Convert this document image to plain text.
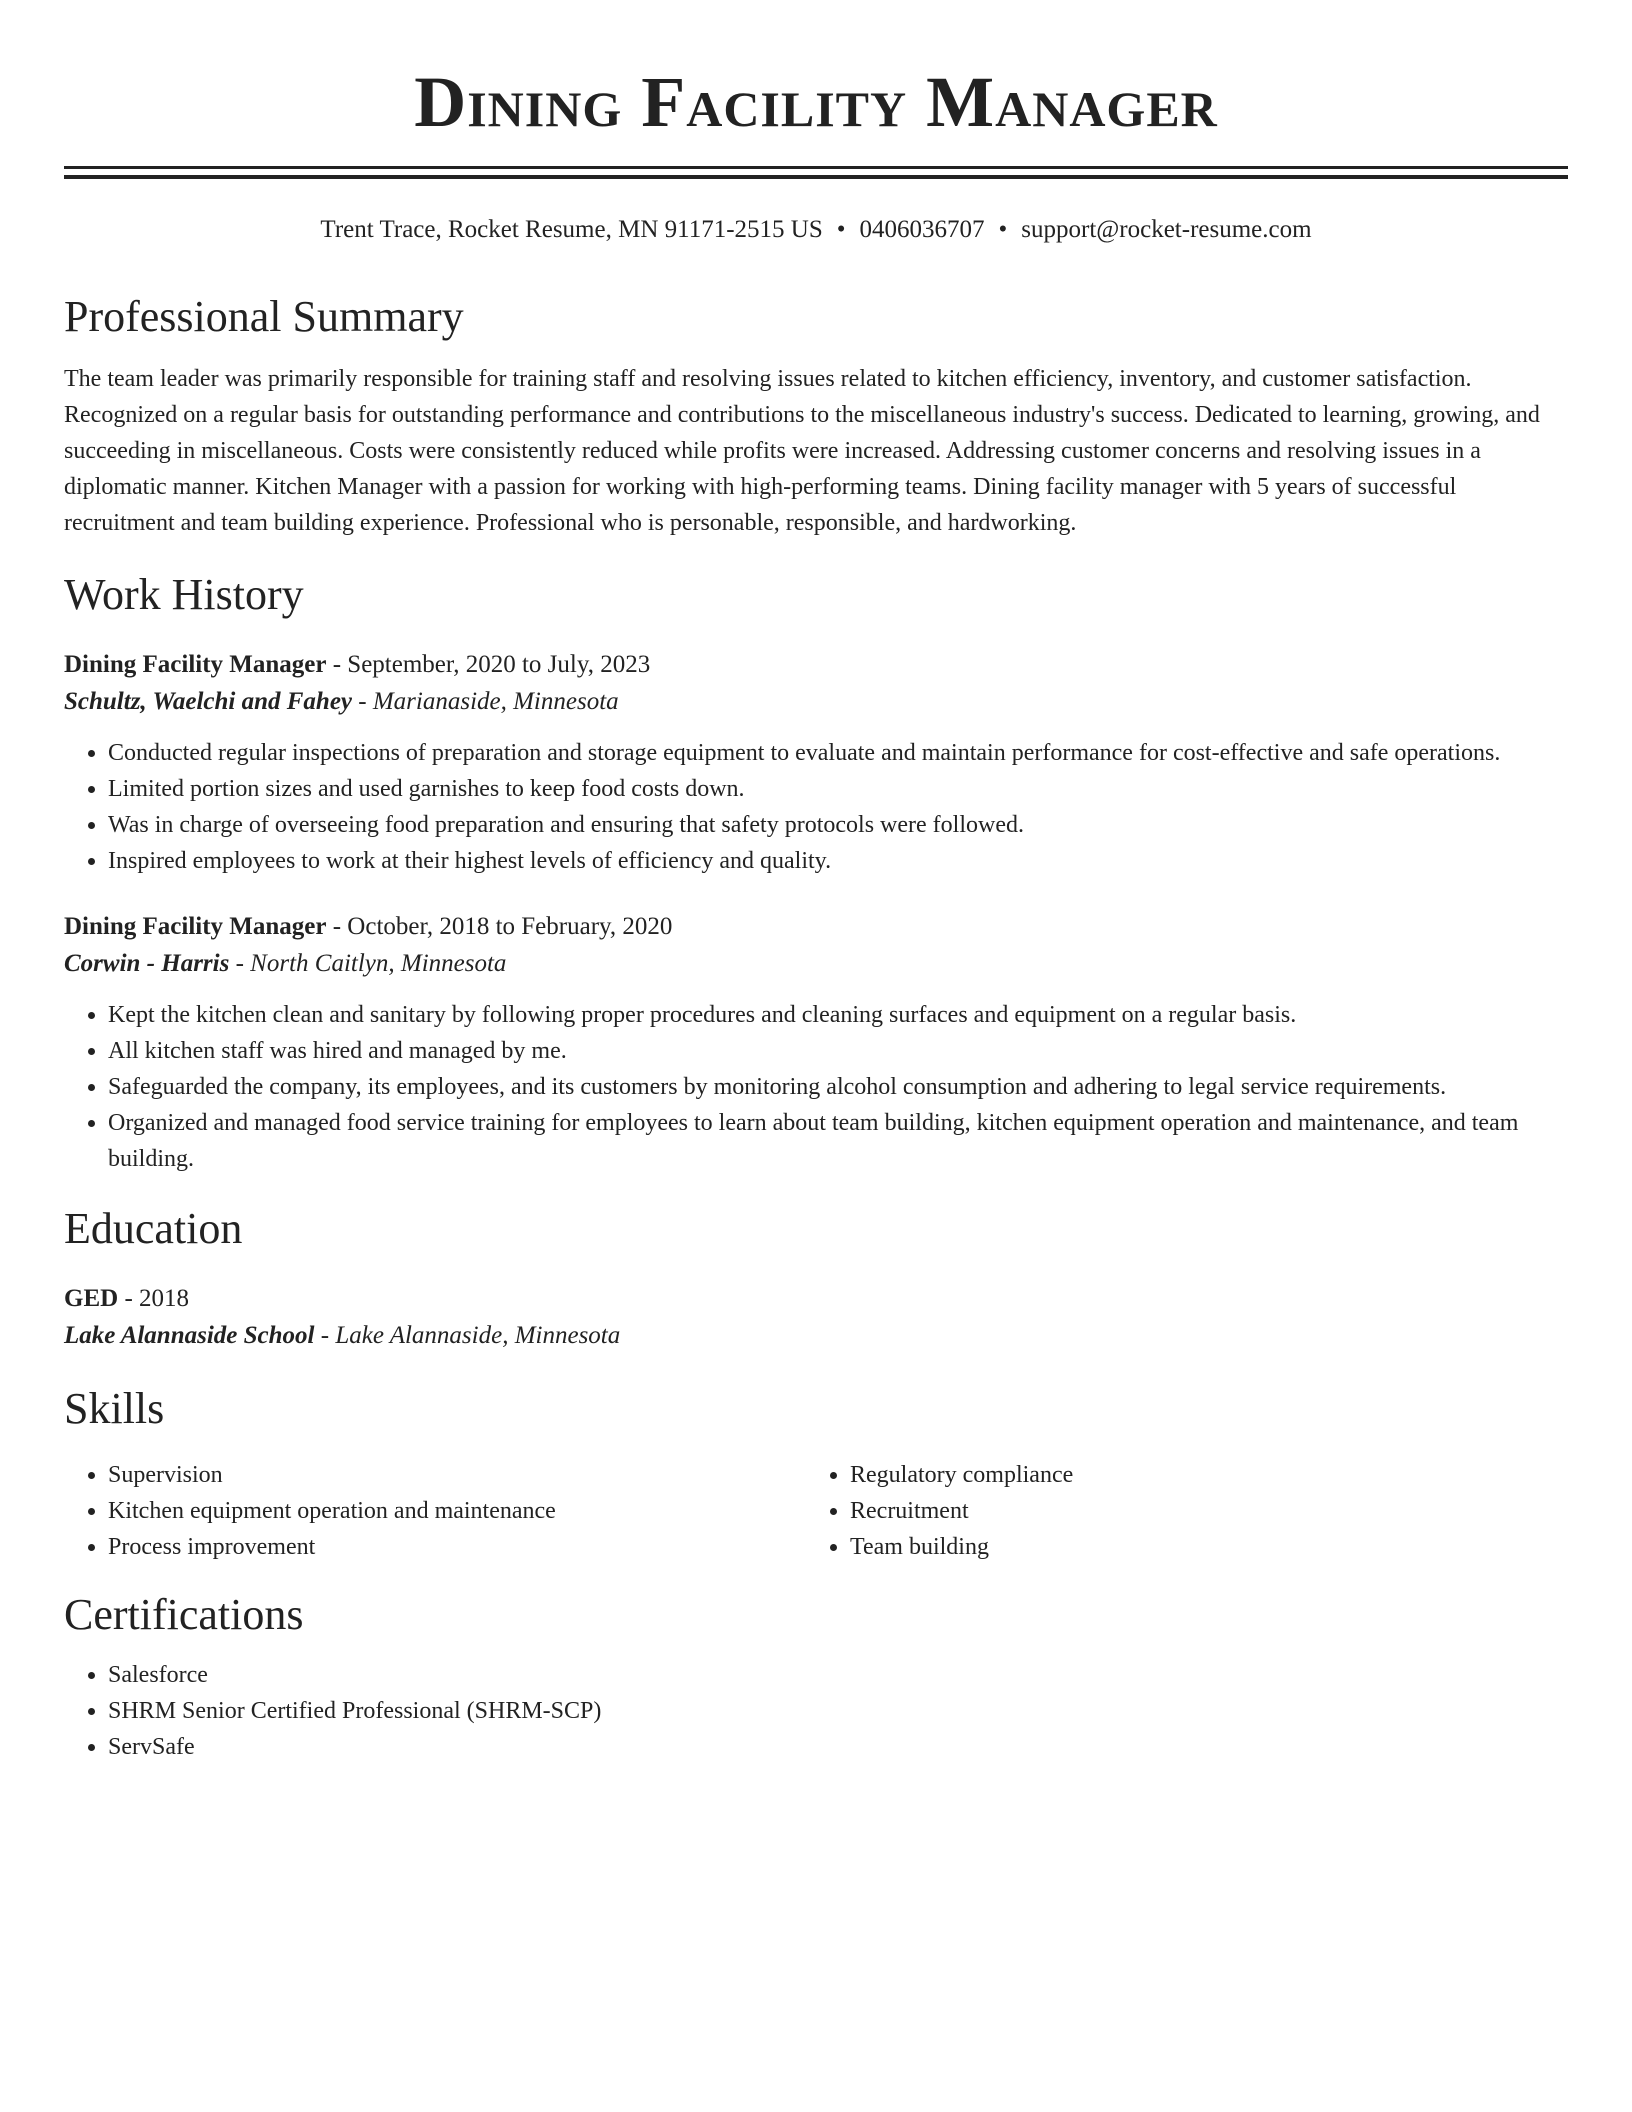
Dining Facility Manager
Trent Trace, Rocket Resume, MN 91171-2515 US • 0406036707 • support@rocket-resume.com
Professional Summary

The team leader was primarily responsible for training staff and resolving issues related to kitchen efficiency, inventory, and customer satisfaction. Recognized on a regular basis for outstanding performance and contributions to the miscellaneous industry's success. Dedicated to learning, growing, and succeeding in miscellaneous. Costs were consistently reduced while profits were increased. Addressing customer concerns and resolving issues in a diplomatic manner. Kitchen Manager with a passion for working with high-performing teams. Dining facility manager with 5 years of successful recruitment and team building experience. Professional who is personable, responsible, and hardworking.

Work History
Dining Facility Manager - September, 2020 to July, 2023
Schultz, Waelchi and Fahey - Marianaside, Minnesota
• Conducted regular inspections of preparation and storage equipment to evaluate and maintain performance for cost-effective and safe operations.
• Limited portion sizes and used garnishes to keep food costs down.
• Was in charge of overseeing food preparation and ensuring that safety protocols were followed.
• Inspired employees to work at their highest levels of efficiency and quality.
Dining Facility Manager - October, 2018 to February, 2020
Corwin - Harris - North Caitlyn, Minnesota
• Kept the kitchen clean and sanitary by following proper procedures and cleaning surfaces and equipment on a regular basis.
• All kitchen staff was hired and managed by me.
• Safeguarded the company, its employees, and its customers by monitoring alcohol consumption and adhering to legal service requirements.
• Organized and managed food service training for employees to learn about team building, kitchen equipment operation and maintenance, and team building.
Education
GED - 2018
Lake Alannaside School - Lake Alannaside, Minnesota
Skills
• Supervision
• Kitchen equipment operation and maintenance
• Process improvement
• Regulatory compliance
• Recruitment
• Team building
Certifications
• Salesforce
• SHRM Senior Certified Professional (SHRM-SCP)
• ServSafe
